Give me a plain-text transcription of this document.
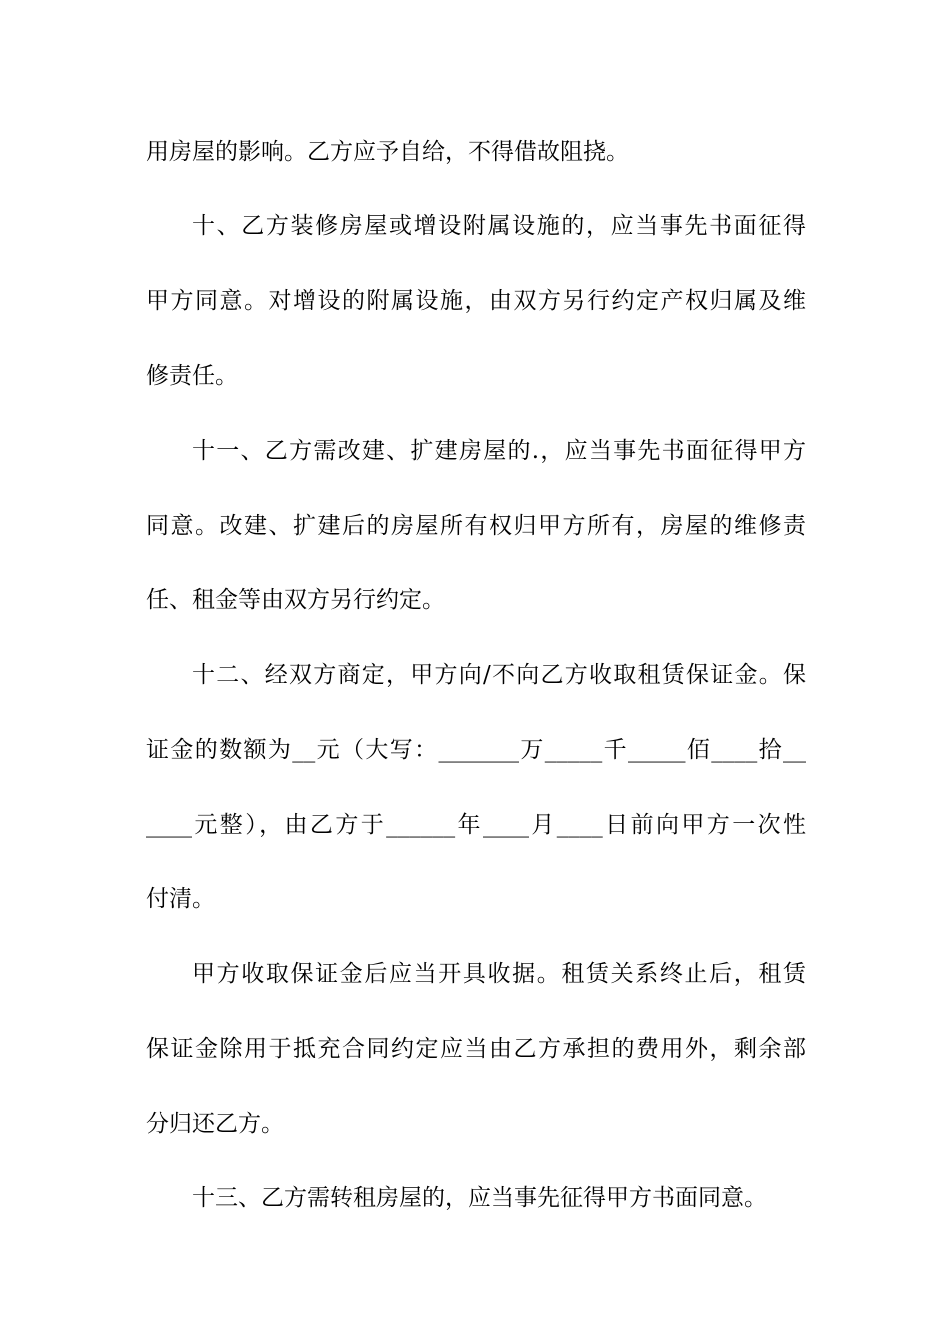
用房屋的影响。乙方应予自给，不得借故阻挠。
十、乙方装修房屋或增设附属设施的，应当事先书面征得
甲方同意。对增设的附属设施，由双方另行约定产权归属及维
修责任。
十一、乙方需改建、扩建房屋的.，应当事先书面征得甲方
同意。改建、扩建后的房屋所有权归甲方所有，房屋的维修责
任、租金等由双方另行约定。
十二、经双方商定，甲方向/不向乙方收取租赁保证金。保
证金的数额为__元（大写：_______万_____千_____佰____拾__
____元整），由乙方于______年____月____日前向甲方一次性
付清。
甲方收取保证金后应当开具收据。租赁关系终止后，租赁
保证金除用于抵充合同约定应当由乙方承担的费用外，剩余部
分归还乙方。
十三、乙方需转租房屋的，应当事先征得甲方书面同意。
